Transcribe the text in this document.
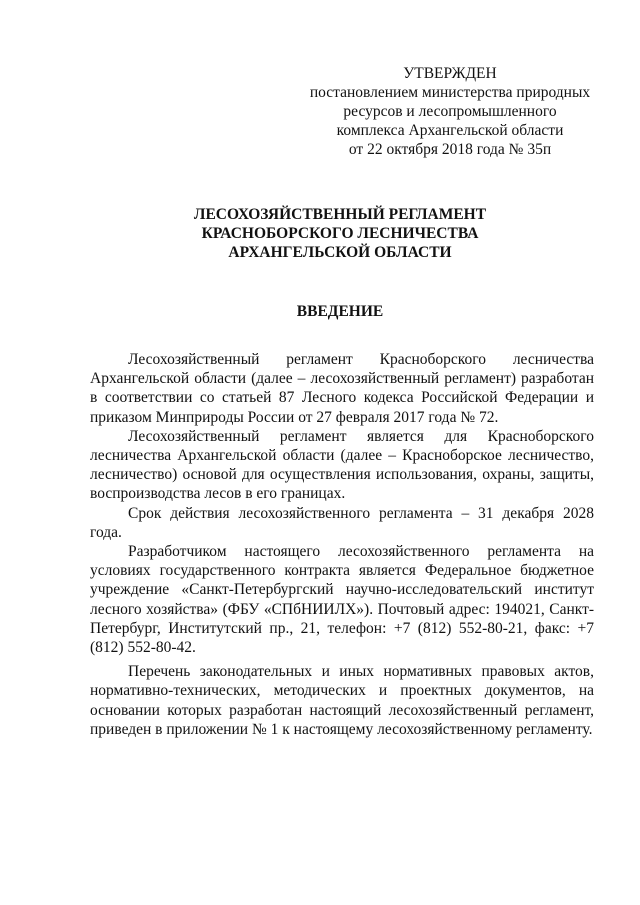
УТВЕРЖДЕН
постановлением министерства природных
ресурсов и лесопромышленного
комплекса Архангельской области
от 22 октября 2018 года № 35п
ЛЕСОХОЗЯЙСТВЕННЫЙ РЕГЛАМЕНТ
КРАСНОБОРСКОГО ЛЕСНИЧЕСТВА
АРХАНГЕЛЬСКОЙ ОБЛАСТИ
ВВЕДЕНИЕ

Лесохозяйственный регламент Красноборского лесничества Архангельской области (далее – лесохозяйственный регламент) разработан в соответствии со статьей 87 Лесного кодекса Российской Федерации и приказом Минприроды России от 27 февраля 2017 года № 72.

Лесохозяйственный регламент является для Красноборского лесничества Архангельской области (далее – Красноборское лесничество, лесничество) основой для осуществления использования, охраны, защиты, воспроизводства лесов в его границах.

Срок действия лесохозяйственного регламента – 31 декабря 2028 года.

Разработчиком настоящего лесохозяйственного регламента на условиях государственного контракта является Федеральное бюджетное учреждение «Санкт-Петербургский научно-исследовательский институт лесного хозяйства» (ФБУ «СПбНИИЛХ»). Почтовый адрес: 194021, Санкт-Петербург, Институтский пр., 21, телефон: +7 (812) 552-80-21, факс: +7 (812) 552-80-42.

Перечень законодательных и иных нормативных правовых актов, нормативно-технических, методических и проектных документов, на основании которых разработан настоящий лесохозяйственный регламент, приведен в приложении № 1 к настоящему лесохозяйственному регламенту.
